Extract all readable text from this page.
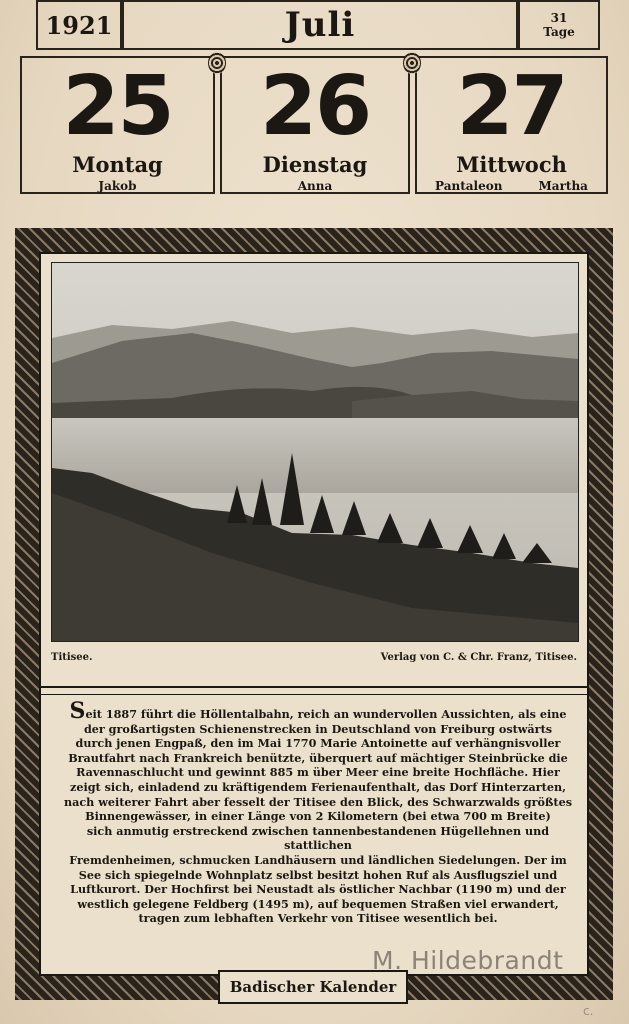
1921	Juli	31
Tage
25
Montag
Jakob
26
Dienstag
Anna
27
Mittwoch
Pantaleon	Martha
Titisee.	Verlag von C. & Chr. Franz, Titisee.
Seit 1887 führt die Höllentalbahn, reich an wundervollen Aussichten, als eine
der großartigsten Schienenstrecken in Deutschland von Freiburg ostwärts
durch jenen Engpaß, den im Mai 1770 Marie Antoinette auf verhängnisvoller
Brautfahrt nach Frankreich benützte, überquert auf mächtiger Steinbrücke die
Ravennaschlucht und gewinnt 885 m über Meer eine breite Hochfläche. Hier
zeigt sich, einladend zu kräftigendem Ferienaufenthalt, das Dorf Hinterzarten,
nach weiterer Fahrt aber fesselt der Titisee den Blick, des Schwarzwalds größtes
Binnengewässer, in einer Länge von 2 Kilometern (bei etwa 700 m Breite)
sich anmutig erstreckend zwischen tannenbestandenen Hügellehnen und stattlichen
Fremdenheimen, schmucken Landhäusern und ländlichen Siedelungen. Der im
See sich spiegelnde Wohnplatz selbst besitzt hohen Ruf als Ausflugsziel und
Luftkurort. Der Hochfirst bei Neustadt als östlicher Nachbar (1190 m) und der
westlich gelegene Feldberg (1495 m), auf bequemen Straßen viel erwandert,
tragen zum lebhaften Verkehr von Titisee wesentlich bei.
Badischer Kalender
M. Hildebrandt
c.
